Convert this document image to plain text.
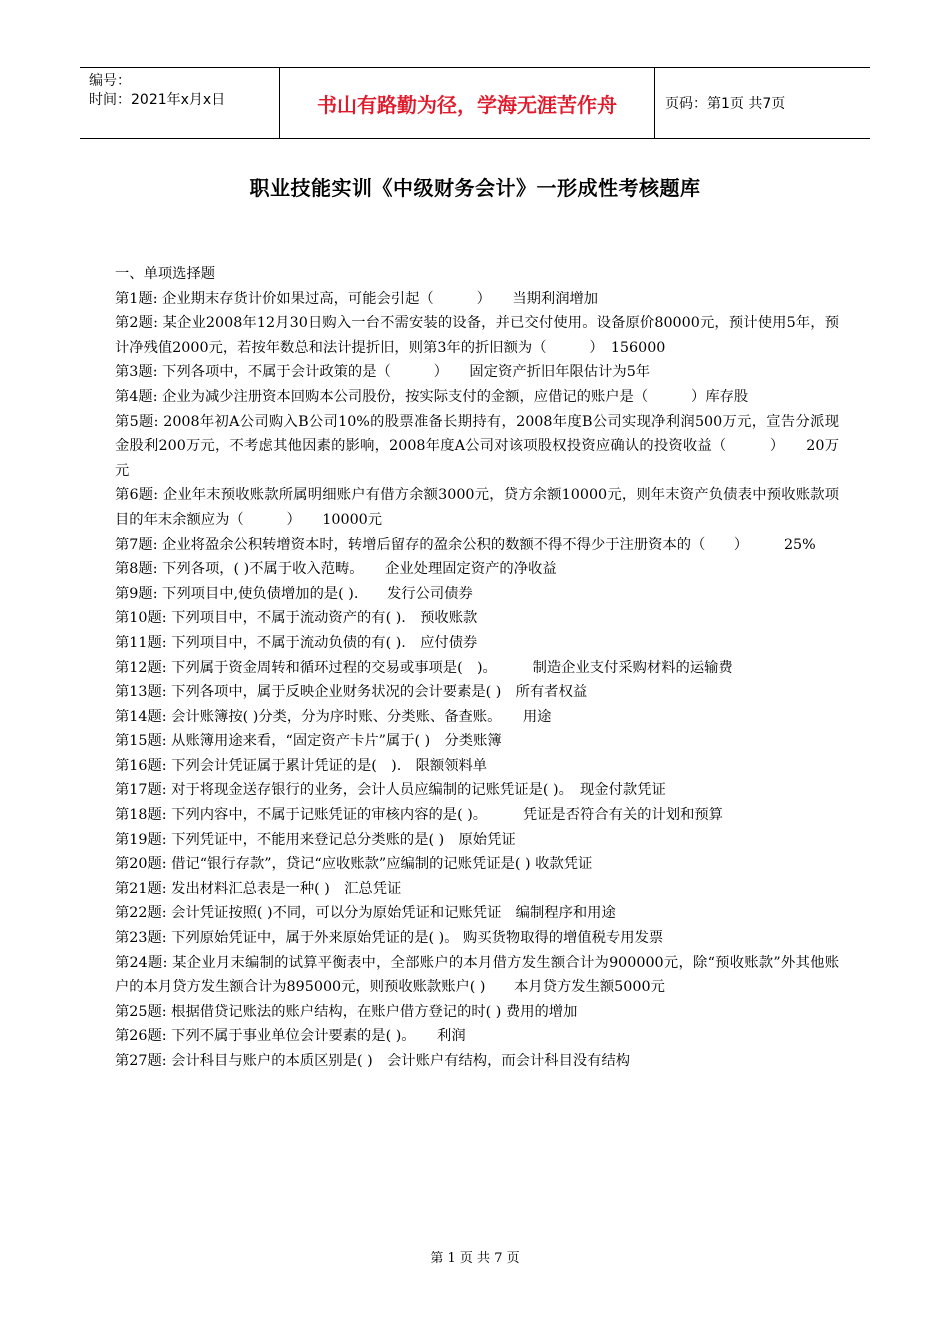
编号：
时间：2021年x月x日	书山有路勤为径，学海无涯苦作舟	页码：第1页 共7页
职业技能实训《中级财务会计》一形成性考核题库

一、单项选择题

第1题: 企业期末存货计价如果过高，可能会引起（　　　）　　当期利润增加

第2题: 某企业2008年12月30日购入一台不需安装的设备，并已交付使用。设备原价80000元，预计使用5年，预计净残值2000元，若按年数总和法计提折旧，则第3年的折旧额为（　　　）　156000

第3题: 下列各项中，不属于会计政策的是（　　　）　　固定资产折旧年限估计为5年

第4题: 企业为减少注册资本回购本公司股份，按实际支付的金额，应借记的账户是（　　　）库存股

第5题: 2008年初A公司购入B公司10%的股票准备长期持有，2008年度B公司实现净利润500万元，宣告分派现金股利200万元，不考虑其他因素的影响，2008年度A公司对该项股权投资应确认的投资收益（　　　）　　20万元

第6题: 企业年末预收账款所属明细账户有借方余额3000元，贷方余额10000元，则年末资产负债表中预收账款项目的年末余额应为（　　　）　　10000元

第7题: 企业将盈余公积转增资本时，转增后留存的盈余公积的数额不得不得少于注册资本的（　　）　　　25%

第8题: 下列各项，( )不属于收入范畴。　　企业处理固定资产的净收益

第9题: 下列项目中,使负债增加的是( ).　　发行公司债券

第10题: 下列项目中，不属于流动资产的有( ).　预收账款

第11题: 下列项目中，不属于流动负债的有( ).　应付债券

第12题: 下列属于资金周转和循环过程的交易或事项是(　)。　　　制造企业支付采购材料的运输费

第13题: 下列各项中，属于反映企业财务状况的会计要素是( )　所有者权益

第14题: 会计账簿按( )分类，分为序时账、分类账、备查账。　　用途

第15题: 从账簿用途来看，“固定资产卡片”属于( )　分类账簿

第16题: 下列会计凭证属于累计凭证的是(　).　限额领料单

第17题: 对于将现金送存银行的业务，会计人员应编制的记账凭证是( )。　现金付款凭证

第18题: 下列内容中，不属于记账凭证的审核内容的是( )。　　　凭证是否符合有关的计划和预算

第19题: 下列凭证中，不能用来登记总分类账的是( )　原始凭证

第20题: 借记“银行存款”，贷记“应收账款”应编制的记账凭证是( ) 收款凭证

第21题: 发出材料汇总表是一种( )　汇总凭证

第22题: 会计凭证按照( )不同，可以分为原始凭证和记账凭证　编制程序和用途

第23题: 下列原始凭证中，属于外来原始凭证的是( )。 购买货物取得的增值税专用发票

第24题: 某企业月末编制的试算平衡表中，全部账户的本月借方发生额合计为900000元，除“预收账款”外其他账户的本月贷方发生额合计为895000元，则预收账款账户( )　　本月贷方发生额5000元

第25题: 根据借贷记账法的账户结构，在账户借方登记的时( ) 费用的增加

第26题: 下列不属于事业单位会计要素的是( )。　　利润

第27题: 会计科目与账户的本质区别是( )　会计账户有结构，而会计科目没有结构

第 1 页 共 7 页
